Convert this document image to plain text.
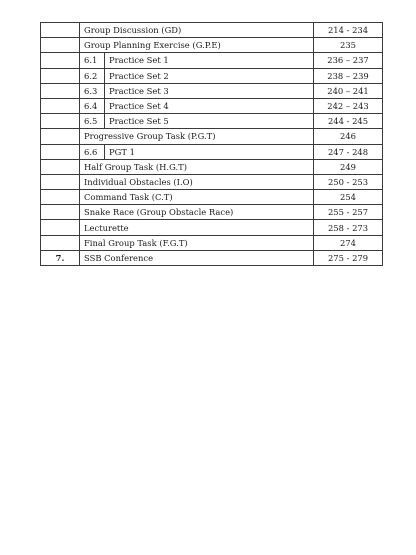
	Group Discussion (GD)		214 - 234
	Group Planning Exercise (G.P.E)		235
	6.1	Practice Set 1	236 – 237
	6.2	Practice Set 2	238 – 239
	6.3	Practice Set 3	240 – 241
	6.4	Practice Set 4	242 – 243
	6.5	Practice Set 5	244 - 245
	Progressive Group Task (P.G.T)		246
	6.6	PGT 1	247 - 248
	Half Group Task (H.G.T)		249
	Individual Obstacles (I.O)		250 - 253
	Command Task (C.T)		254
	Snake Race (Group Obstacle Race)		255 - 257
	Lecturette		258 - 273
	Final Group Task (F.G.T)		274
7.	SSB Conference		275 - 279
